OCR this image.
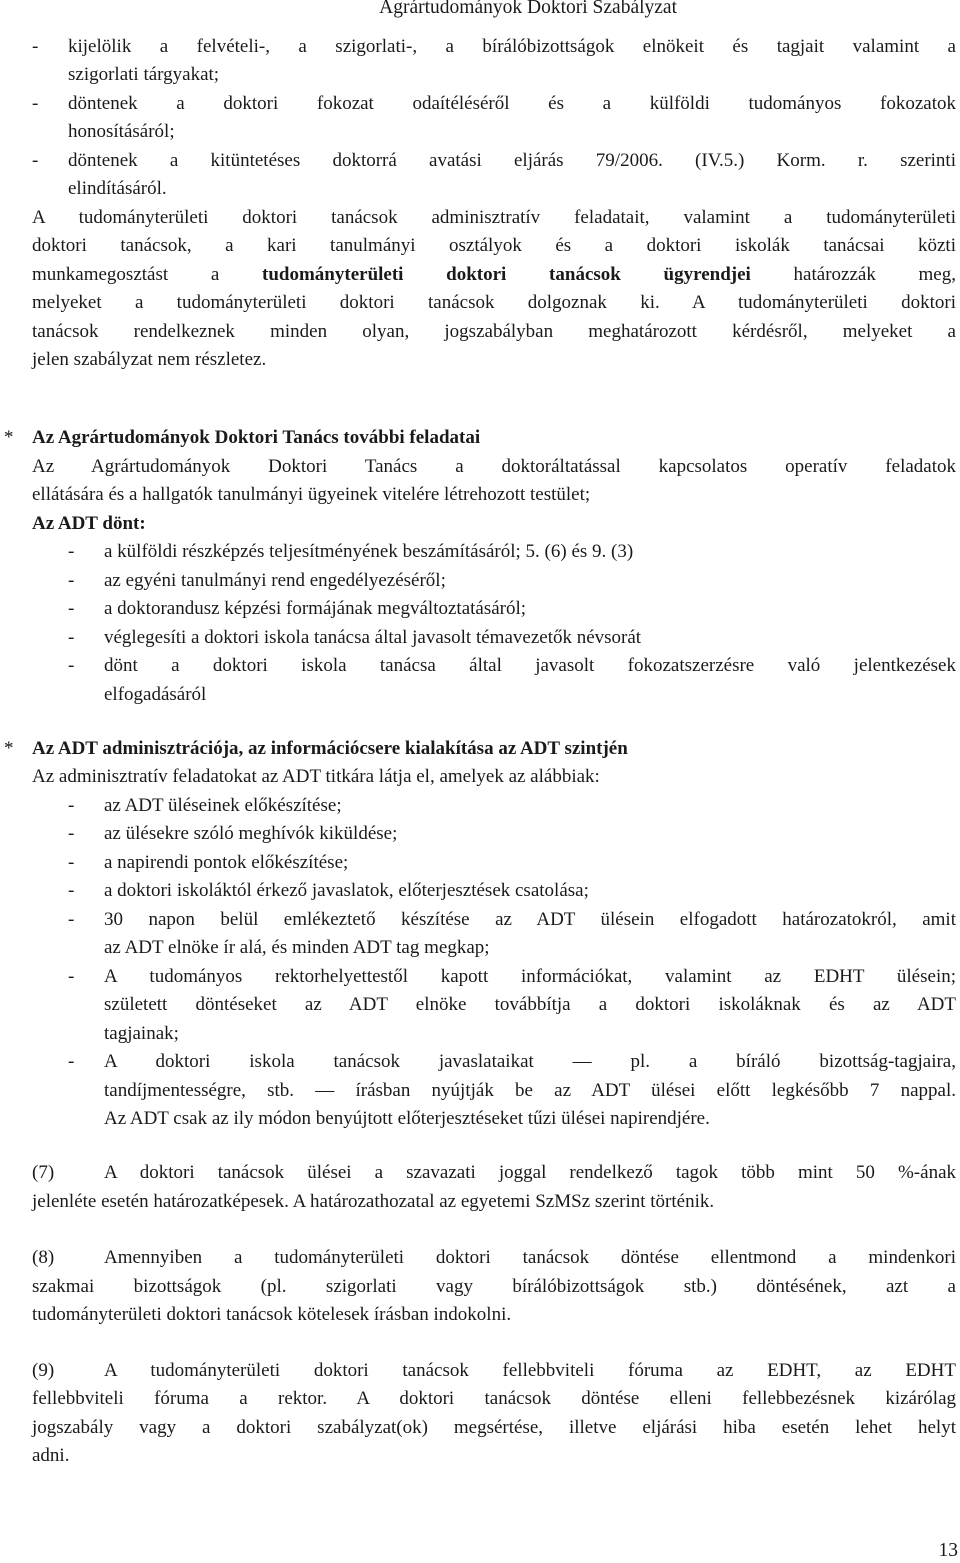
Agrártudományok Doktori Szabályzat
-	kijelölik a felvételi-, a szigorlati-, a bírálóbizottságok elnökeit és tagjait valamint a
szigorlati tárgyakat;
-	döntenek a doktori fokozat odaítéléséről és a külföldi tudományos fokozatok
honosításáról;
-	döntenek a kitüntetéses doktorrá avatási eljárás 79/2006. (IV.5.) Korm. r. szerinti
elindításáról.
A tudományterületi doktori tanácsok adminisztratív feladatait, valamint a tudományterületi
doktori tanácsok, a kari tanulmányi osztályok és a doktori iskolák tanácsai közti
munkamegosztást a tudományterületi doktori tanácsok ügyrendjei határozzák meg,
melyeket a tudományterületi doktori tanácsok dolgoznak ki. A tudományterületi doktori
tanácsok rendelkeznek minden olyan, jogszabályban meghatározott kérdésről, melyeket a
jelen szabályzat nem részletez.
* Az Agrártudományok Doktori Tanács további feladatai
Az Agrártudományok Doktori Tanács a doktoráltatással kapcsolatos operatív feladatok
ellátására és a hallgatók tanulmányi ügyeinek vitelére létrehozott testület;
Az ADT dönt:
-	a külföldi részképzés teljesítményének beszámításáról; 5. (6) és 9. (3)
-	az egyéni tanulmányi rend engedélyezéséről;
-	a doktorandusz képzési formájának megváltoztatásáról;
-	véglegesíti a doktori iskola tanácsa által javasolt témavezetők névsorát
-	dönt a doktori iskola tanácsa által javasolt fokozatszerzésre való jelentkezések
elfogadásáról
* Az ADT adminisztrációja, az információcsere kialakítása az ADT szintjén
Az adminisztratív feladatokat az ADT titkára látja el, amelyek az alábbiak:
-	az ADT üléseinek előkészítése;
-	az ülésekre szóló meghívók kiküldése;
-	a napirendi pontok előkészítése;
-	a doktori iskoláktól érkező javaslatok, előterjesztések csatolása;
-	30 napon belül emlékeztető készítése az ADT ülésein elfogadott határozatokról, amit
az ADT elnöke ír alá, és minden ADT tag megkap;
-	A tudományos rektorhelyettestől kapott információkat, valamint az EDHT ülésein;
született döntéseket az ADT elnöke továbbítja a doktori iskoláknak és az ADT
tagjainak;
-	A doktori iskola tanácsok javaslataikat — pl. a bíráló bizottság-tagjaira,
tandíjmentességre, stb. — írásban nyújtják be az ADT ülései előtt legkésőbb 7 nappal.
Az ADT csak az ily módon benyújtott előterjesztéseket tűzi ülései napirendjére.
(7)	A doktori tanácsok ülései a szavazati joggal rendelkező tagok több mint 50 %-ának
jelenléte esetén határozatképesek. A határozathozatal az egyetemi SzMSz szerint történik.
(8)	Amennyiben a tudományterületi doktori tanácsok döntése ellentmond a mindenkori
szakmai bizottságok (pl. szigorlati vagy bírálóbizottságok stb.) döntésének, azt a
tudományterületi doktori tanácsok kötelesek írásban indokolni.
(9)	A tudományterületi doktori tanácsok fellebbviteli fóruma az EDHT, az EDHT
fellebbviteli fóruma a rektor. A doktori tanácsok döntése elleni fellebbezésnek kizárólag
jogszabály vagy a doktori szabályzat(ok) megsértése, illetve eljárási hiba esetén lehet helyt
adni.
13
